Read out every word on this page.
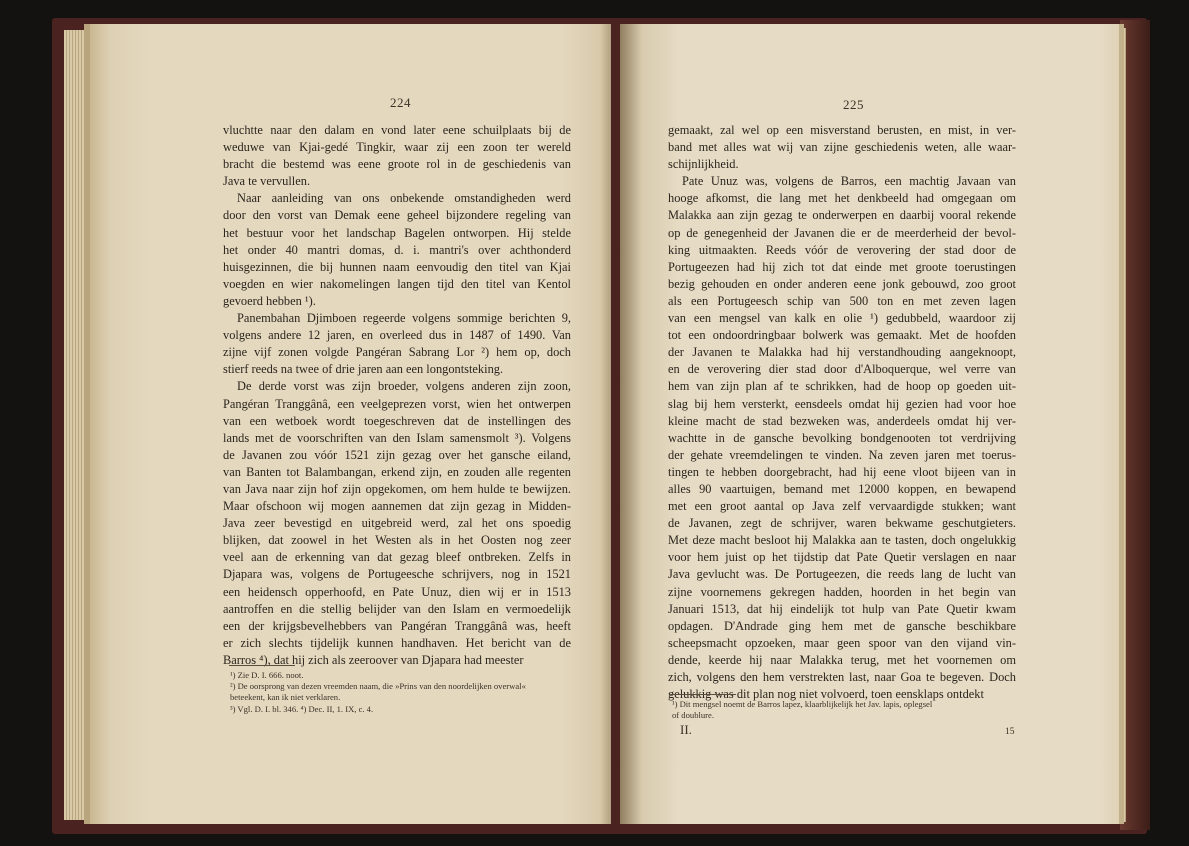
224
vluchtte naar den dalam en vond later eene schuilplaats bij de
weduwe van Kjai-gedé Tingkir, waar zij een zoon ter wereld
bracht die bestemd was eene groote rol in de geschiedenis van
Java te vervullen.
Naar aanleiding van ons onbekende omstandigheden werd
door den vorst van Demak eene geheel bijzondere regeling van
het bestuur voor het landschap Bagelen ontworpen. Hij stelde
het onder 40 mantri domas, d. i. mantri's over achthonderd
huisgezinnen, die bij hunnen naam eenvoudig den titel van Kjai
voegden en wier nakomelingen langen tijd den titel van Kentol
gevoerd hebben ¹).
Panembahan Djimboen regeerde volgens sommige berichten 9,
volgens andere 12 jaren, en overleed dus in 1487 of 1490. Van
zijne vijf zonen volgde Pangéran Sabrang Lor ²) hem op, doch
stierf reeds na twee of drie jaren aan een longontsteking.
De derde vorst was zijn broeder, volgens anderen zijn zoon,
Pangéran Tranggânâ, een veelgeprezen vorst, wien het ontwerpen
van een wetboek wordt toegeschreven dat de instellingen des
lands met de voorschriften van den Islam samensmolt ³). Volgens
de Javanen zou vóór 1521 zijn gezag over het gansche eiland,
van Banten tot Balambangan, erkend zijn, en zouden alle regenten
van Java naar zijn hof zijn opgekomen, om hem hulde te bewijzen.
Maar ofschoon wij mogen aannemen dat zijn gezag in Midden-
Java zeer bevestigd en uitgebreid werd, zal het ons spoedig
blijken, dat zoowel in het Westen als in het Oosten nog zeer
veel aan de erkenning van dat gezag bleef ontbreken. Zelfs in
Djapara was, volgens de Portugeesche schrijvers, nog in 1521
een heidensch opperhoofd, en Pate Unuz, dien wij er in 1513
aantroffen en die stellig belijder van den Islam en vermoedelijk
een der krijgsbevelhebbers van Pangéran Tranggânâ was, heeft
er zich slechts tijdelijk kunnen handhaven. Het bericht van de
Barros ⁴), dat hij zich als zeeroover van Djapara had meester
¹) Zie D. I. 666. noot.
²) De oorsprong van dezen vreemden naam, die »Prins van den noordelijken overwal«
beteekent, kan ik niet verklaren.
³) Vgl. D. I. bl. 346. ⁴) Dec. II, 1. IX, c. 4.
225
gemaakt, zal wel op een misverstand berusten, en mist, in ver-
band met alles wat wij van zijne geschiedenis weten, alle waar-
schijnlijkheid.
Pate Unuz was, volgens de Barros, een machtig Javaan van
hooge afkomst, die lang met het denkbeeld had omgegaan om
Malakka aan zijn gezag te onderwerpen en daarbij vooral rekende
op de genegenheid der Javanen die er de meerderheid der bevol-
king uitmaakten. Reeds vóór de verovering der stad door de
Portugeezen had hij zich tot dat einde met groote toerustingen
bezig gehouden en onder anderen eene jonk gebouwd, zoo groot
als een Portugeesch schip van 500 ton en met zeven lagen
van een mengsel van kalk en olie ¹) gedubbeld, waardoor zij
tot een ondoordringbaar bolwerk was gemaakt. Met de hoofden
der Javanen te Malakka had hij verstandhouding aangeknoopt,
en de verovering dier stad door d'Alboquerque, wel verre van
hem van zijn plan af te schrikken, had de hoop op goeden uit-
slag bij hem versterkt, eensdeels omdat hij gezien had voor hoe
kleine macht de stad bezweken was, anderdeels omdat hij ver-
wachtte in de gansche bevolking bondgenooten tot verdrijving
der gehate vreemdelingen te vinden. Na zeven jaren met toerus-
tingen te hebben doorgebracht, had hij eene vloot bijeen van in
alles 90 vaartuigen, bemand met 12000 koppen, en bewapend
met een groot aantal op Java zelf vervaardigde stukken; want
de Javanen, zegt de schrijver, waren bekwame geschutgieters.
Met deze macht besloot hij Malakka aan te tasten, doch ongelukkig
voor hem juist op het tijdstip dat Pate Quetir verslagen en naar
Java gevlucht was. De Portugeezen, die reeds lang de lucht van
zijne voornemens gekregen hadden, hoorden in het begin van
Januari 1513, dat hij eindelijk tot hulp van Pate Quetir kwam
opdagen. D'Andrade ging hem met de gansche beschikbare
scheepsmacht opzoeken, maar geen spoor van den vijand vin-
dende, keerde hij naar Malakka terug, met het voornemen om
zich, volgens den hem verstrekten last, naar Goa te begeven. Doch
gelukkig was dit plan nog niet volvoerd, toen eensklaps ontdekt
¹) Dit mengsel noemt de Barros lapez, klaarblijkelijk het Jav. lapis, oplegsel
of doublure.
II.	15
